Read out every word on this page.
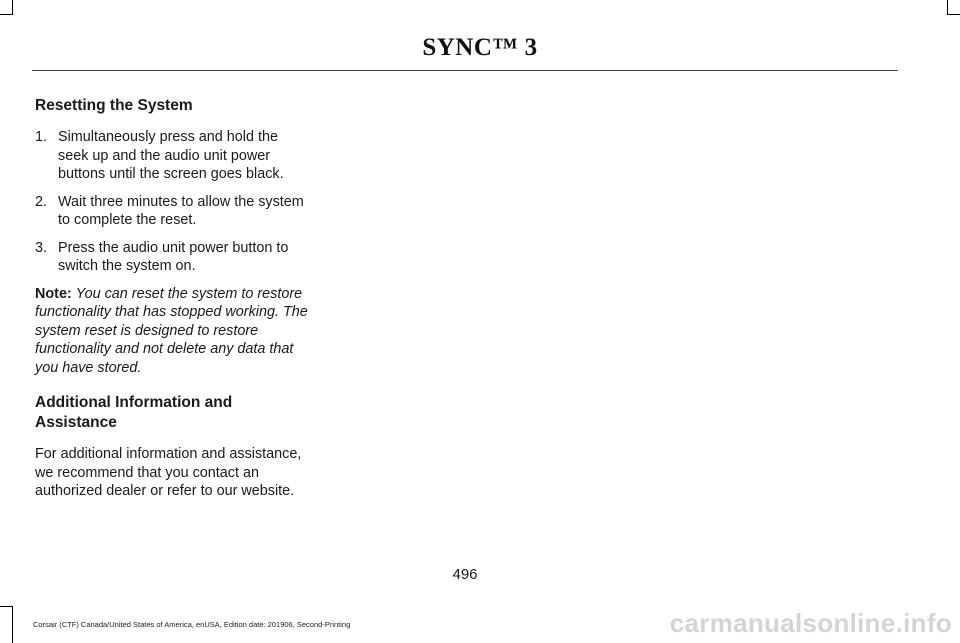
SYNC™ 3
Resetting the System
1. Simultaneously press and hold the seek up and the audio unit power buttons until the screen goes black.
2. Wait three minutes to allow the system to complete the reset.
3. Press the audio unit power button to switch the system on.

Note: You can reset the system to restore functionality that has stopped working. The system reset is designed to restore functionality and not delete any data that you have stored.

Additional Information and Assistance

For additional information and assistance, we recommend that you contact an authorized dealer or refer to our website.

496
Corsair (CTF) Canada/United States of America, enUSA, Edition date: 201906, Second-Printing	carmanualsonline.info
